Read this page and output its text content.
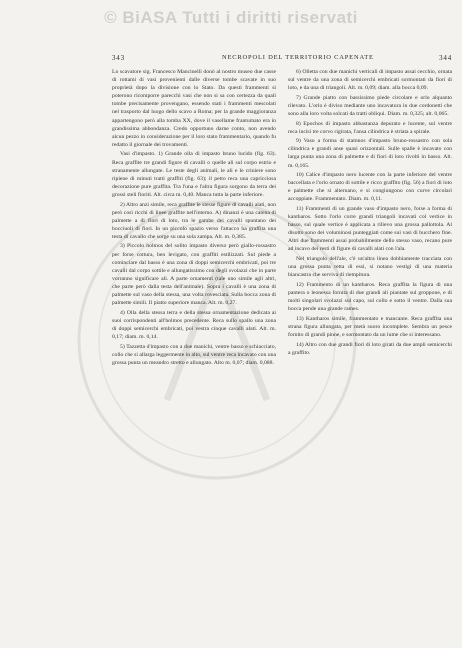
© BiASA Tutti i diritti riservati
343	NECROPOLI DEL TERRITORIO CAPENATE	344

Lo scavatore sig. Francesco Mancinelli donò al nostro museo due casse di rottami di vasi provenienti dalle diverse tombe scavate in suo proprietà dopo la divisione con lo Stato. Da questi frammenti si poterono ricomporre parecchi vasi che non si sa con certezza da quali tombe precisamente provengano, essendo stati i frammenti mescolati nel trasporto dal luogo dello scavo a Roma; per la grande maggioranza appartengono però alla tomba XX, dove il vasellame frantumato era in grandissima abbondanza. Credo opportuno darne conto, non avendo alcun pezzo in considerazione per il loro stato frammentario, quando fu redatto il giornale dei trovamenti.

Vasi d'impasto. 1) Grande olla di impasto bruno lucido (fig. 63). Reca graffite tre grandi figure di cavalli o quelle ali sul corpo estrio e stranamente allungate. Le teste degli animali, le ali e le criniere sono ripiene di minuti tratti graffiti (fig. 63); il petto reca una capricciosa decorazione pure graffita. Tra l'una e l'altra figura sorgono da terra dei grossi steli fioriti. Alt. circa m. 0,40. Manca tutta la parte inferiore.

2) Altro anzi simile, reca graffite le stesse figure di cavalli alati, non però così ricchi di linee graffite nell'interno. A) dinanzi è una catena di palmette a di fiori di loto, tra le gambe dei cavalli spuntano dei bocciuoli di fiori. In un piccolo spazio verso l'attacco ha graffita una testa di cavallo che sorge su una sola zampa. Alt. m. 0,385.

3) Piccolo holmos del solito impasto diverso però giallo-rossastro per forse cottura, ben levigato, con graffiti estilizzati. Sul piede a cominciare dal basso è una zona di doppi semicerchi embricati, poi tre cavalli dal corpo sottile e allungatissimo con degli svolazzi che in parte vorranno significare ali. A parte ornamenti (tale uno simile agli altri, che parte però dalla testa dell'animale). Sopra i cavalli è una zona di palmette sul vaso della stessa, una volta rovesciata. Sulla bocca zona di palmette simili. Il piatto superiore manca. Alt. m. 0,27.

4) Olla della stessa terra e della stessa ornamentazione dedicata ai suoi corrispondenti all'holmos precedente. Reca sullo spallo una zona di doppi semicerchi embricati, poi vestra cinque cavalli alati. Alt. m. 0,17; diam. m. 0,14.

5) Tazzetta d'impasto con a due manichi, ventre basso e schiacciato, collo che si allarga leggermente in alto, sul ventre reca incavato con una grossa punta un meandro stretto e allungato. Alto m. 0,07; diam. 0,088.

6) Olletta con due manichi verticali di impasto assai cecchio, ornata sul ventre da una zona di semicerchi embricati sormontati da fiori di loto, e da una di triangoli. Alt. m. 0,09; diam. alla bocca 0,09.

7) Grande piatto con bassissimo piede circolare e orlo alquanto rilevato. L'orlo è diviso mediante uno incavatura in due cordonetti che sono alla loro volta solcati da tratti obliqui. Diam. m. 0,325; alt. 0,065.

8) Epochos di impasto abbastanza depurato e lucente, sul ventre reca incisi tre corvo rigirata, l'ansa cilindrica è striata a spirale.

9) Vaso a forma di stamnos d'impasto bruno-rossastro con sola cilindrica e grandi anse quasi orizzontali. Sulle spalle è incavato con larga punta una zona di palmette e di fiori di loto rivolti in basso. Alt. m. 0,165.

10) Calice d'impasto nero lucente con la parte inferiore del ventre baccellata e l'orlo ornato di sottile e ricco graffito (fig. 56) a fiori di loto e palmette che si alternano, e si congiungono con curve circolari accoppiate. Frammentato. Diam. m. 0,11.

11) Frammenti di un grande vaso d'impasto nero, forse a forma di kantharos. Sotto l'orlo corre grandi triangoli incavati col vertice in basso, sul quale vertice è applicata a rilievo una grossa pallottola. Al disotto sono dei voluminosi punteggiati come sui vasi di bucchero fine. Altri due frammenti assai probabilmente dello stesso vaso, recano pure ad incavo dei resti di figure di cavalli alati con l'ala.

Nel triangolo dell'ale, c'è un'altra linea dobbiamente tracciata con una grossa punta retta di essi, si notano vestigi di una materia biancastra che serviva di riempitura.

12) Frammento di un kantharos. Reca graffita la figura di una pantera o leonessa fornita di due grandi ali piantate sul groppone, e di molti singolari svolazzi sul capo, sul collo e sotto il ventre. Dalla sua bocca pende una grande rames.

13) Kantharos simile, frammentato e mancante. Reca graffita una strana figura allungata, per metà suoro incomplete. Sembra un pesce fornito di grandi pinne, e sormontato da un lume che si interessano.

14) Altro con due grandi fiori di loto girati da due ampli semicerchi a graffito.
